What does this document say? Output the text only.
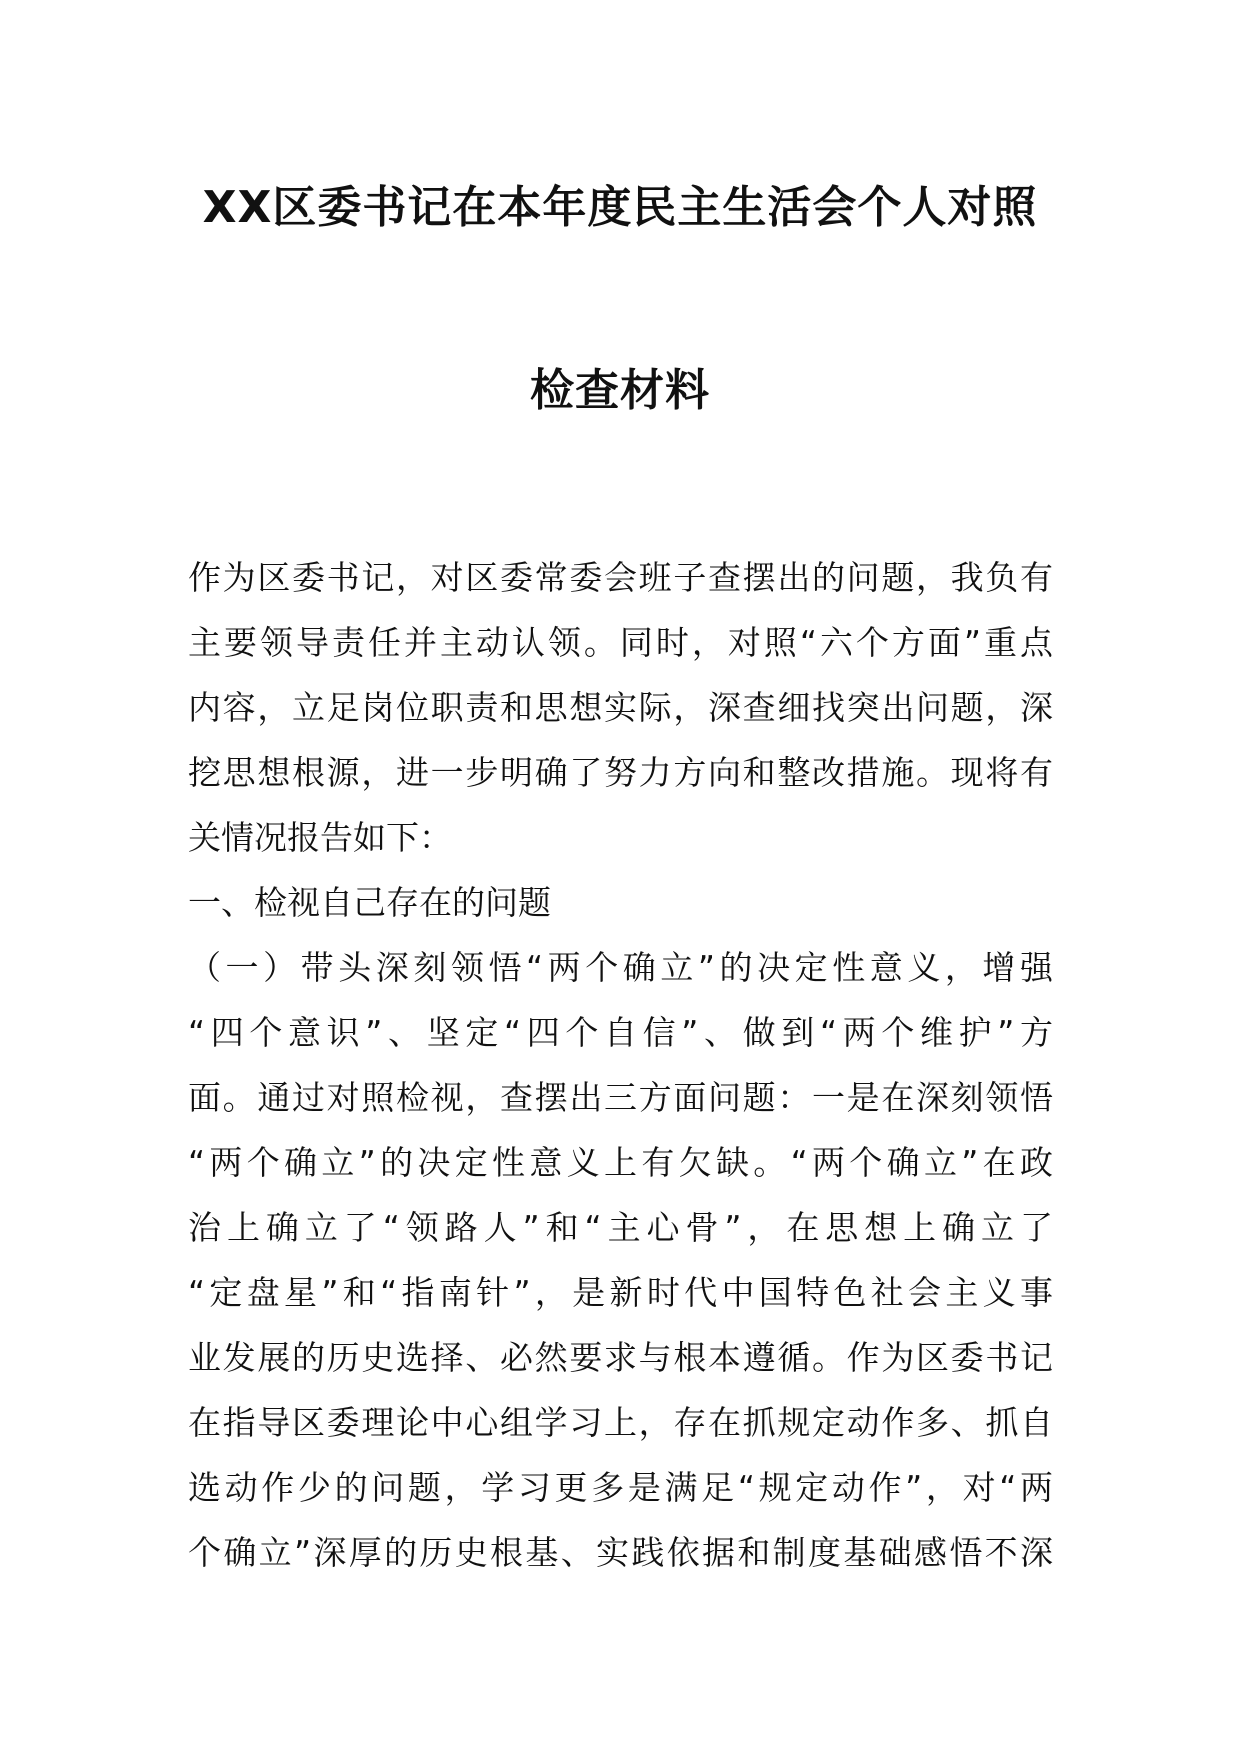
XX区委书记在本年度民主生活会个人对照
检查材料
作为区委书记，对区委常委会班子查摆出的问题，我负有
主要领导责任并主动认领。同时，对照“六个方面”重点
内容，立足岗位职责和思想实际，深查细找突出问题，深
挖思想根源，进一步明确了努力方向和整改措施。现将有
关情况报告如下：
一、检视自己存在的问题
（一）带头深刻领悟“两个确立”的决定性意义，增强
“四个意识”、坚定“四个自信”、做到“两个维护”方
面。通过对照检视，查摆出三方面问题：一是在深刻领悟
“两个确立”的决定性意义上有欠缺。“两个确立”在政
治上确立了“领路人”和“主心骨”，在思想上确立了
“定盘星”和“指南针”，是新时代中国特色社会主义事
业发展的历史选择、必然要求与根本遵循。作为区委书记
在指导区委理论中心组学习上，存在抓规定动作多、抓自
选动作少的问题，学习更多是满足“规定动作”，对“两
个确立”深厚的历史根基、实践依据和制度基础感悟不深
